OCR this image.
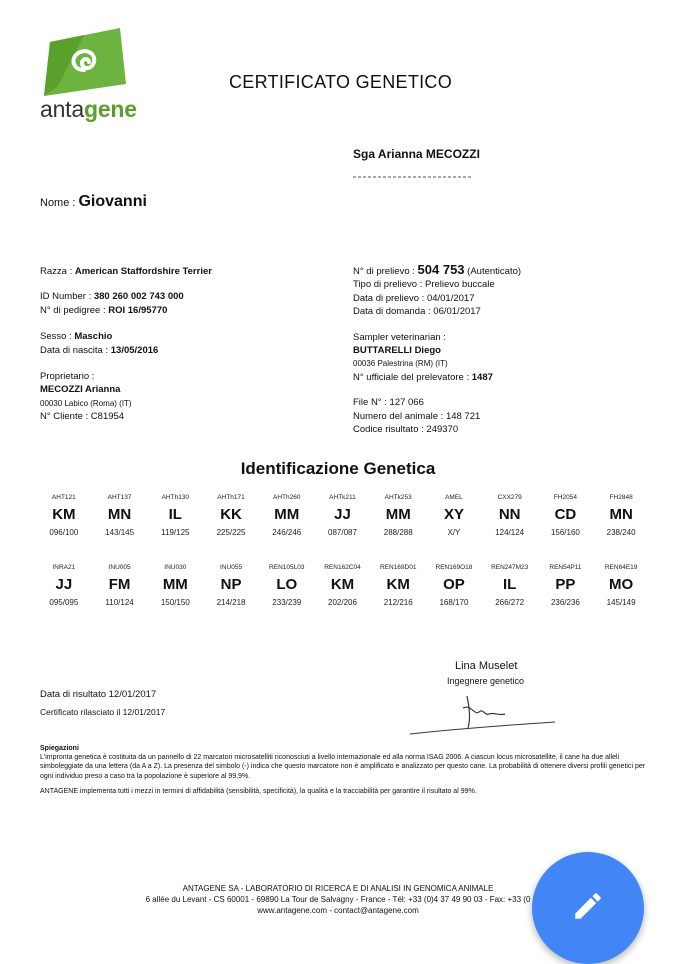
antagene
CERTIFICATO GENETICO
Sga Arianna MECOZZI
Nome : Giovanni
Razza : American Staffordshire Terrier
ID Number : 380 260 002 743 000
N° di pedigree : ROI 16/95770
Sesso : Maschio
Data di nascita : 13/05/2016
Proprietario :
MECOZZI Arianna
00030 Labico (Roma) (IT)
N° Cliente : C81954
N° di prelievo : 504 753 (Autenticato)
Tipo di prelievo : Prelievo buccale
Data di prelievo : 04/01/2017
Data di domanda : 06/01/2017
Sampler veterinarian :
BUTTARELLI Diego
00036 Palestrina (RM) (IT)
N° ufficiale del prelevatore : 1487
File N° : 127 066
Numero del animale : 148 721
Codice risultato : 249370
Identificazione Genetica
AHT121
KM
096/100
AHT137
MN
143/145
AHTh130
IL
119/125
AHTh171
KK
225/225
AHTh260
MM
246/246
AHTk211
JJ
087/087
AHTk253
MM
288/288
AMEL
XY
X/Y
CXX279
NN
124/124
FH2054
CD
156/160
FH2848
MN
238/240
INRA21
JJ
095/095
INU005
FM
110/124
INU030
MM
150/150
INU055
NP
214/218
REN105L03
LO
233/239
REN162C04
KM
202/206
REN169D01
KM
212/216
REN169O18
OP
168/170
REN247M23
IL
266/272
REN54P11
PP
236/236
REN64E19
MO
145/149
Lina Muselet
Ingegnere genetico
Data di risultato 12/01/2017
Certificato rilasciato il 12/01/2017
Spiegazioni
L'impronta genetica è costituita da un pannello di 22 marcatori microsatelliti riconosciuti a livello internazionale ed alla norma ISAG 2006. A ciascun locus microsatellite, il cane ha due alleli simboleggiate da una lettera (da A a Z). La presenza del simbolo (-) indica che questo marcatore non è amplificato e analizzato per questo cane. La probabilità di ottenere diversi profili genetici per ogni individuo preso a caso tra la popolazione è superiore al 99,9%.
ANTAGENE implementa tutti i mezzi in termini di affidabilità (sensibilità, specificità), la qualità e la tracciabilità per garantire il risultato al 99%.
ANTAGENE SA - LABORATORIO DI RICERCA E DI ANALISI IN GENOMICA ANIMALE
6 allée du Levant - CS 60001 - 69890 La Tour de Salvagny - France - Tél: +33 (0)4 37 49 90 03 - Fax: +33 (0
www.antagene.com - contact@antagene.com
